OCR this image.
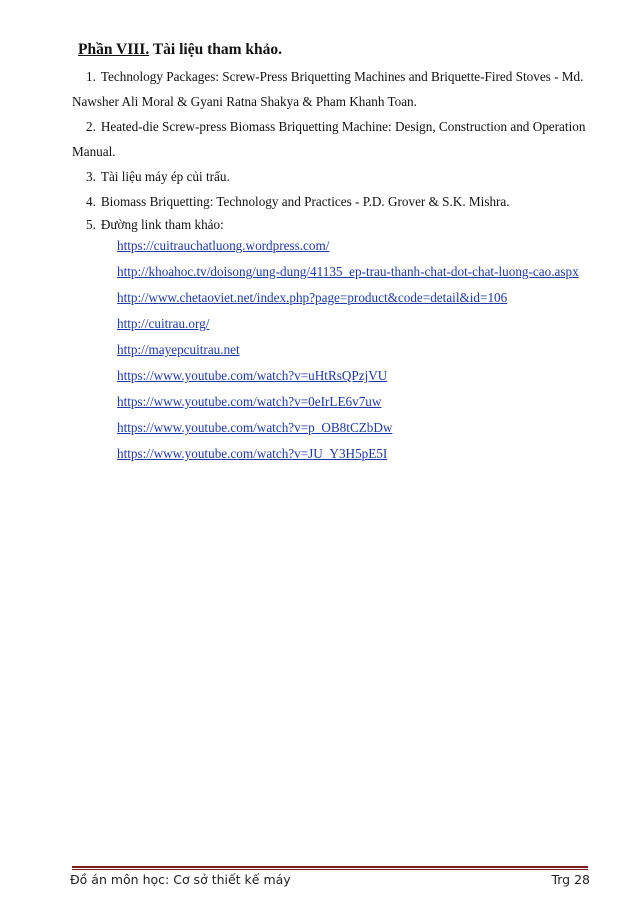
Phần VIII. Tài liệu tham khảo.

1. Technology Packages: Screw-Press Briquetting Machines and Briquette-Fired Stoves - Md. Nawsher Ali Moral & Gyani Ratna Shakya & Pham Khanh Toan.

2. Heated-die Screw-press Biomass Briquetting Machine: Design, Construction and Operation Manual.

3. Tài liệu máy ép củi trấu.

4. Biomass Briquetting: Technology and Practices - P.D. Grover & S.K. Mishra.

5. Đường link tham khảo:

https://cuitrauchatluong.wordpress.com/
http://khoahoc.tv/doisong/ung-dung/41135_ep-trau-thanh-chat-dot-chat-luong-cao.aspx
http://www.chetaoviet.net/index.php?page=product&code=detail&id=106
http://cuitrau.org/
http://mayepcuitrau.net
https://www.youtube.com/watch?v=uHtRsQPzjVU
https://www.youtube.com/watch?v=0eIrLE6v7uw
https://www.youtube.com/watch?v=p_OB8tCZbDw
https://www.youtube.com/watch?v=JU_Y3H5pE5I
Đồ án môn học: Cơ sở thiết kế máy	Trg 28
